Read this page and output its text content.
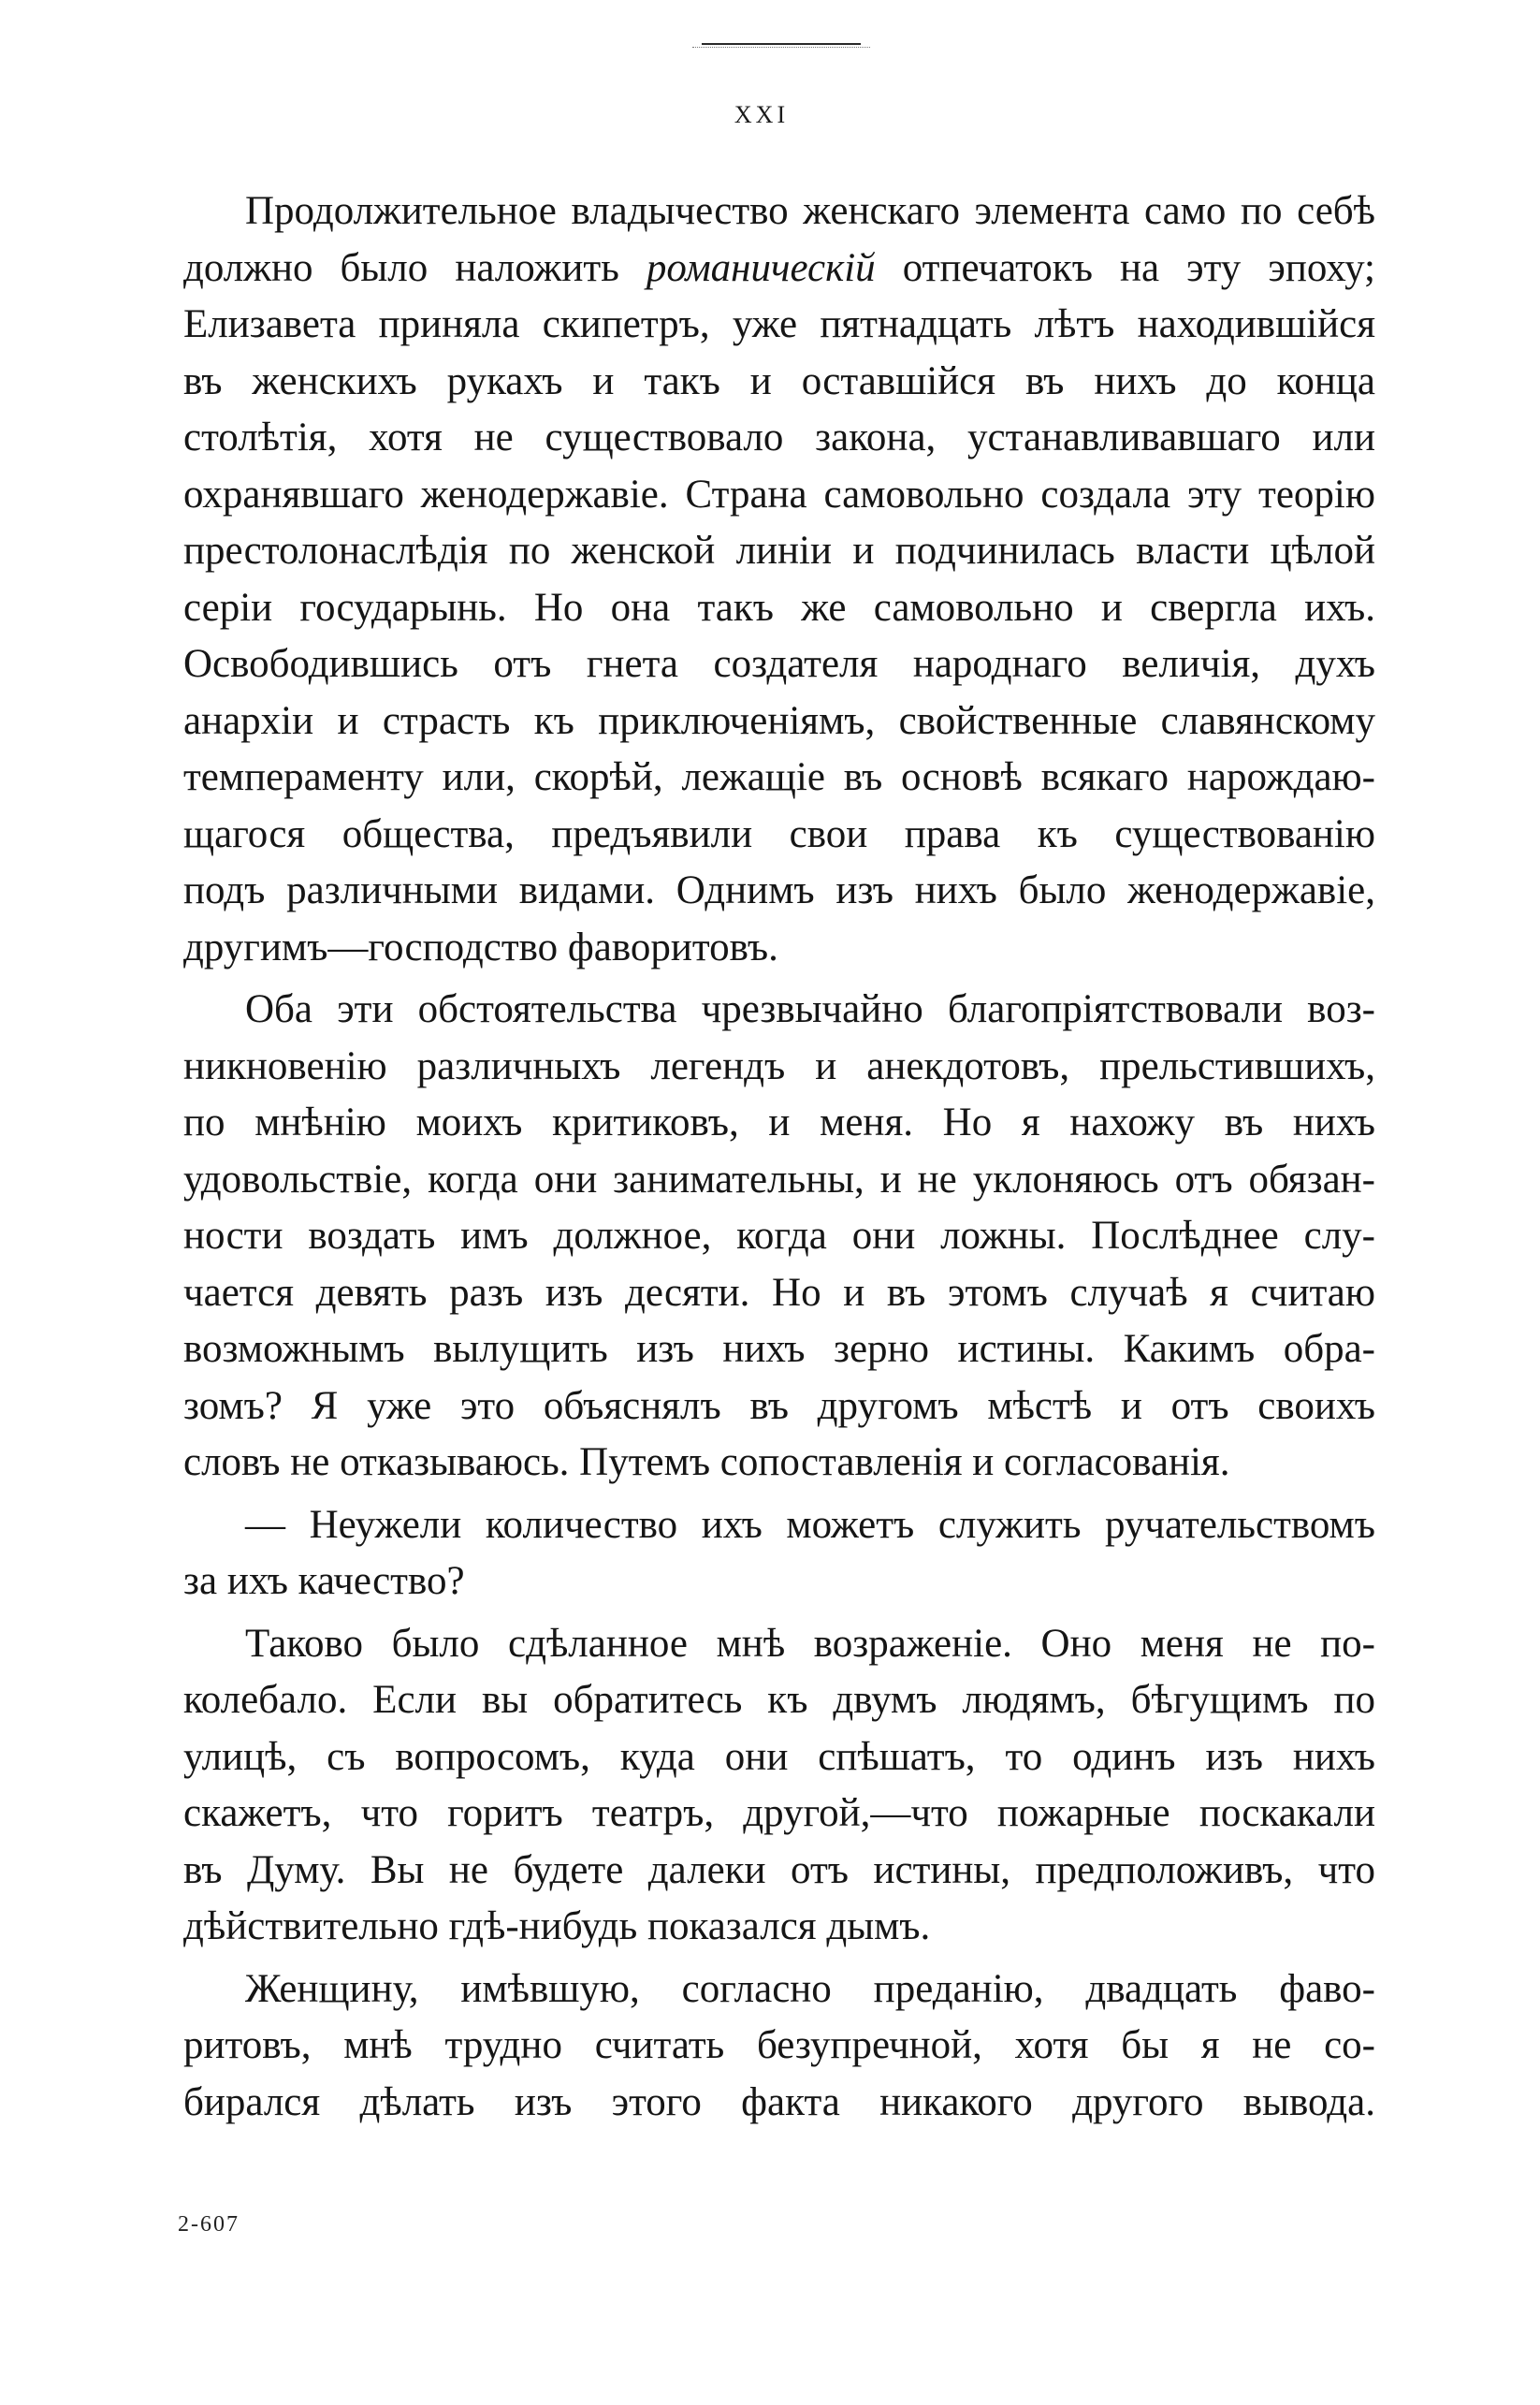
XXI
Продолжительное владычество женскаго элемента само по себѣ
должно было наложить романическій отпечатокъ на эту эпоху;
Елизавета приняла скипетръ, уже пятнадцать лѣтъ находившійся
въ женскихъ рукахъ и такъ и оставшійся въ нихъ до конца
столѣтія, хотя не существовало закона, устанавливавшаго или
охранявшаго женодержавіе. Страна самовольно создала эту теорію
престолонаслѣдія по женской линіи и подчинилась власти цѣлой
серіи государынь. Но она такъ же самовольно и свергла ихъ.
Освободившись отъ гнета создателя народнаго величія, духъ
анархіи и страсть къ приключеніямъ, свойственные славянскому
темпераменту или, скорѣй, лежащіе въ основѣ всякаго нарождаю-
щагося общества, предъявили свои права къ существованію
подъ различными видами. Однимъ изъ нихъ было женодержавіе,
другимъ—господство фаворитовъ.
Оба эти обстоятельства чрезвычайно благопріятствовали воз-
никновенію различныхъ легендъ и анекдотовъ, прельстившихъ,
по мнѣнію моихъ критиковъ, и меня. Но я нахожу въ нихъ
удовольствіе, когда они занимательны, и не уклоняюсь отъ обязан-
ности воздать имъ должное, когда они ложны. Послѣднее слу-
чается девять разъ изъ десяти. Но и въ этомъ случаѣ я считаю
возможнымъ вылущить изъ нихъ зерно истины. Какимъ обра-
зомъ? Я уже это объяснялъ въ другомъ мѣстѣ и отъ своихъ
словъ не отказываюсь. Путемъ сопоставленія и согласованія.
— Неужели количество ихъ можетъ служить ручательствомъ
за ихъ качество?
Таково было сдѣланное мнѣ возраженіе. Оно меня не по-
колебало. Если вы обратитесь къ двумъ людямъ, бѣгущимъ по
улицѣ, съ вопросомъ, куда они спѣшатъ, то одинъ изъ нихъ
скажетъ, что горитъ театръ, другой,—что пожарные поскакали
въ Думу. Вы не будете далеки отъ истины, предположивъ, что
дѣйствительно гдѣ-нибудь показался дымъ.
Женщину, имѣвшую, согласно преданію, двадцать фаво-
ритовъ, мнѣ трудно считать безупречной, хотя бы я не со-
бирался дѣлать изъ этого факта никакого другого вывода.
2-607
